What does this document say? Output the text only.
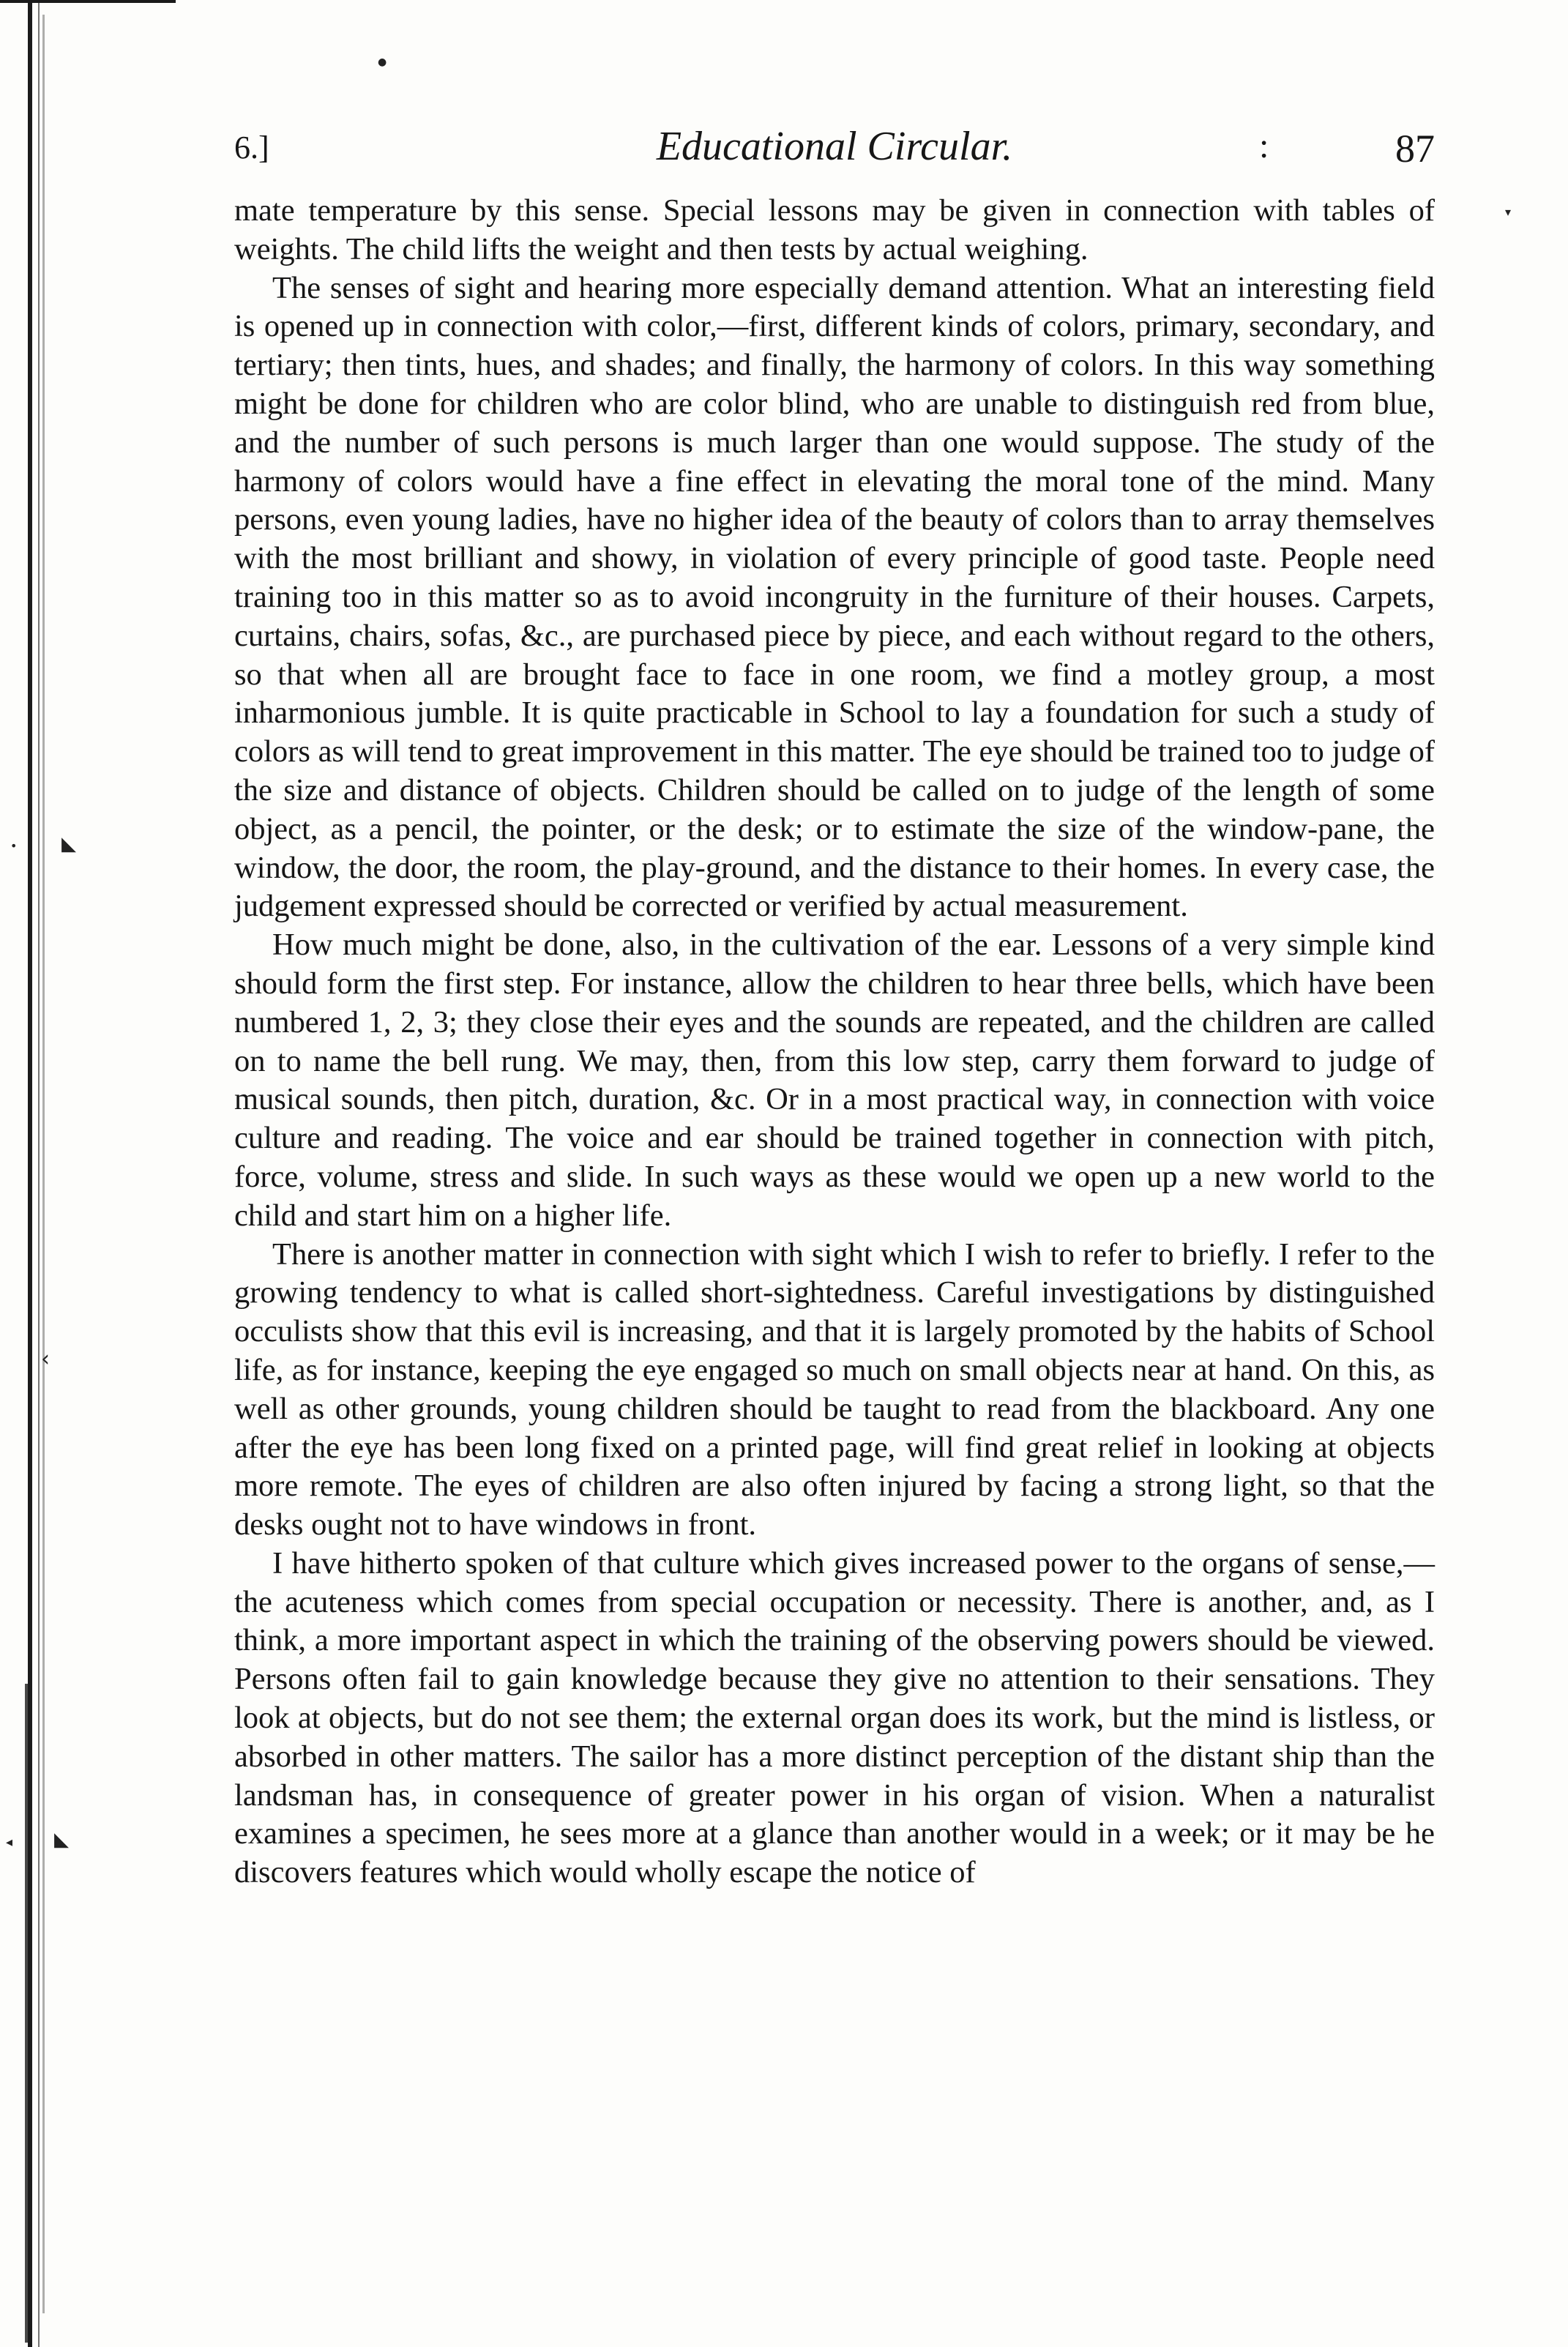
●
▾
• ◣
‹
◂ ◣
6.]	Educational Circular.	:	87

mate temperature by this sense. Special lessons may be given in connection with tables of weights. The child lifts the weight and then tests by actual weighing.

The senses of sight and hearing more especially demand attention. What an interesting field is opened up in connection with color,—first, different kinds of colors, primary, secondary, and tertiary; then tints, hues, and shades; and finally, the harmony of colors. In this way something might be done for children who are color blind, who are unable to distinguish red from blue, and the number of such persons is much larger than one would suppose. The study of the harmony of colors would have a fine effect in elevating the moral tone of the mind. Many persons, even young ladies, have no higher idea of the beauty of colors than to array themselves with the most brilliant and showy, in violation of every principle of good taste. People need training too in this matter so as to avoid incongruity in the furniture of their houses. Carpets, curtains, chairs, sofas, &c., are purchased piece by piece, and each without regard to the others, so that when all are brought face to face in one room, we find a motley group, a most inharmonious jumble. It is quite practicable in School to lay a foundation for such a study of colors as will tend to great improvement in this matter. The eye should be trained too to judge of the size and distance of objects. Children should be called on to judge of the length of some object, as a pencil, the pointer, or the desk; or to estimate the size of the window-pane, the window, the door, the room, the play-ground, and the distance to their homes. In every case, the judgement expressed should be corrected or verified by actual measurement.

How much might be done, also, in the cultivation of the ear. Lessons of a very simple kind should form the first step. For instance, allow the children to hear three bells, which have been numbered 1, 2, 3; they close their eyes and the sounds are repeated, and the children are called on to name the bell rung. We may, then, from this low step, carry them forward to judge of musical sounds, then pitch, duration, &c. Or in a most practical way, in connection with voice culture and reading. The voice and ear should be trained together in connection with pitch, force, volume, stress and slide. In such ways as these would we open up a new world to the child and start him on a higher life.

There is another matter in connection with sight which I wish to refer to briefly. I refer to the growing tendency to what is called short-sightedness. Careful investigations by distinguished occulists show that this evil is increasing, and that it is largely promoted by the habits of School life, as for instance, keeping the eye engaged so much on small objects near at hand. On this, as well as other grounds, young children should be taught to read from the blackboard. Any one after the eye has been long fixed on a printed page, will find great relief in looking at objects more remote. The eyes of children are also often injured by facing a strong light, so that the desks ought not to have windows in front.

I have hitherto spoken of that culture which gives increased power to the organs of sense,—the acuteness which comes from special occupation or necessity. There is another, and, as I think, a more important aspect in which the training of the observing powers should be viewed. Persons often fail to gain knowledge because they give no attention to their sensations. They look at objects, but do not see them; the external organ does its work, but the mind is listless, or absorbed in other matters. The sailor has a more distinct perception of the distant ship than the landsman has, in consequence of greater power in his organ of vision. When a naturalist examines a specimen, he sees more at a glance than another would in a week; or it may be he discovers features which would wholly escape the notice of
